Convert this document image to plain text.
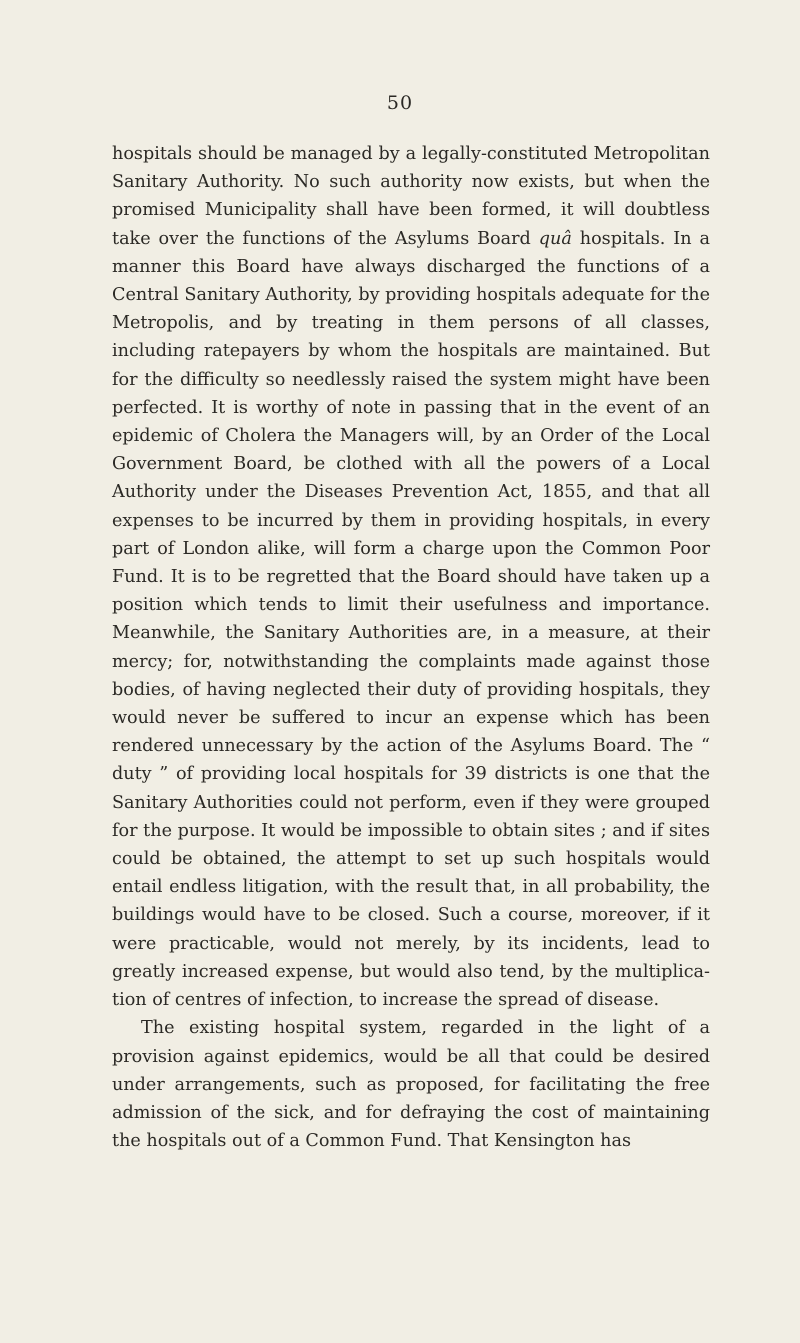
50

hospitals should be managed by a legally-constituted Metropolitan Sanitary Authority. No such authority now exists, but when the promised Municipality shall have been formed, it will doubtless take over the functions of the Asylums Board quâ hospitals. In a manner this Board have always discharged the functions of a Central Sanitary Authority, by providing hospitals adequate for the Metropolis, and by treating in them persons of all classes, including ratepayers by whom the hospitals are maintained. But for the difficulty so needlessly raised the system might have been perfected. It is worthy of note in passing that in the event of an epidemic of Cholera the Managers will, by an Order of the Local Government Board, be clothed with all the powers of a Local Authority under the Diseases Prevention Act, 1855, and that all expenses to be incurred by them in providing hospitals, in every part of London alike, will form a charge upon the Common Poor Fund. It is to be regretted that the Board should have taken up a position which tends to limit their usefulness and importance. Meanwhile, the Sanitary Authorities are, in a measure, at their mercy; for, notwithstanding the complaints made against those bodies, of having neglected their duty of providing hospitals, they would never be suffered to incur an expense which has been rendered unnecessary by the action of the Asylums Board. The “ duty ” of providing local hospitals for 39 districts is one that the Sanitary Authorities could not perform, even if they were grouped for the purpose. It would be impossible to obtain sites ; and if sites could be obtained, the attempt to set up such hospitals would entail endless litigation, with the result that, in all probability, the buildings would have to be closed. Such a course, moreover, if it were practicable, would not merely, by its incidents, lead to greatly increased expense, but would also tend, by the multiplication of centres of infection, to increase the spread of disease.

The existing hospital system, regarded in the light of a provision against epidemics, would be all that could be desired under arrangements, such as proposed, for facilitating the free admission of the sick, and for defraying the cost of maintaining the hospitals out of a Common Fund. That Kensington has
